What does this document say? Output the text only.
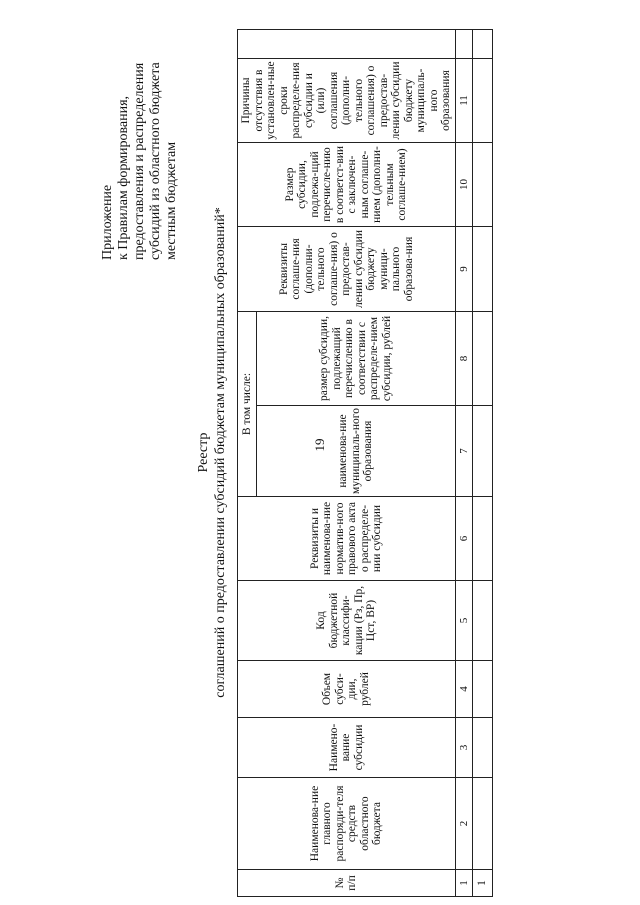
19
Приложение к Правилам формирования, предоставления и распределения субсидий из областного бюджета местным бюджетам
Реестр соглашений о предоставлении субсидий бюджетам муниципальных образований*
№ п/п	Наименова-ние главного распоряди-теля средств областного бюджета	Наимено-вание субсидии	Объем субси-дии, рублей	Код бюджетной классифи-кации (Рз, Пр, Цст, ВР)	Реквизиты и наименова-ние норматив-ного правового акта о распределе-нии субсидии	В том числе:		Реквизиты соглаше-ния (дополни-тельного соглаше-ния) о предостав-лении субсидии бюджету муници-пального образова-ния	Размер субсидии, подлежа-щий перечисле-нию в соответст-вии с заключен-ным соглаше-нием (дополни-тельным соглаше-нием)	Причины отсутствия в установлен-ные сроки распределе-ния субсидии и (или) соглашения (дополни-тельного соглашения) о предостав-лении субсидии бюджету муниципаль-ного образования	
						наименова-ние муниципаль-ного образования	размер субсидии, подлежащий перечислению в соответствии с распределе-нием субсидии, рублей				
1	2	3	4	5	6	7	8	9	10	11	
1											
